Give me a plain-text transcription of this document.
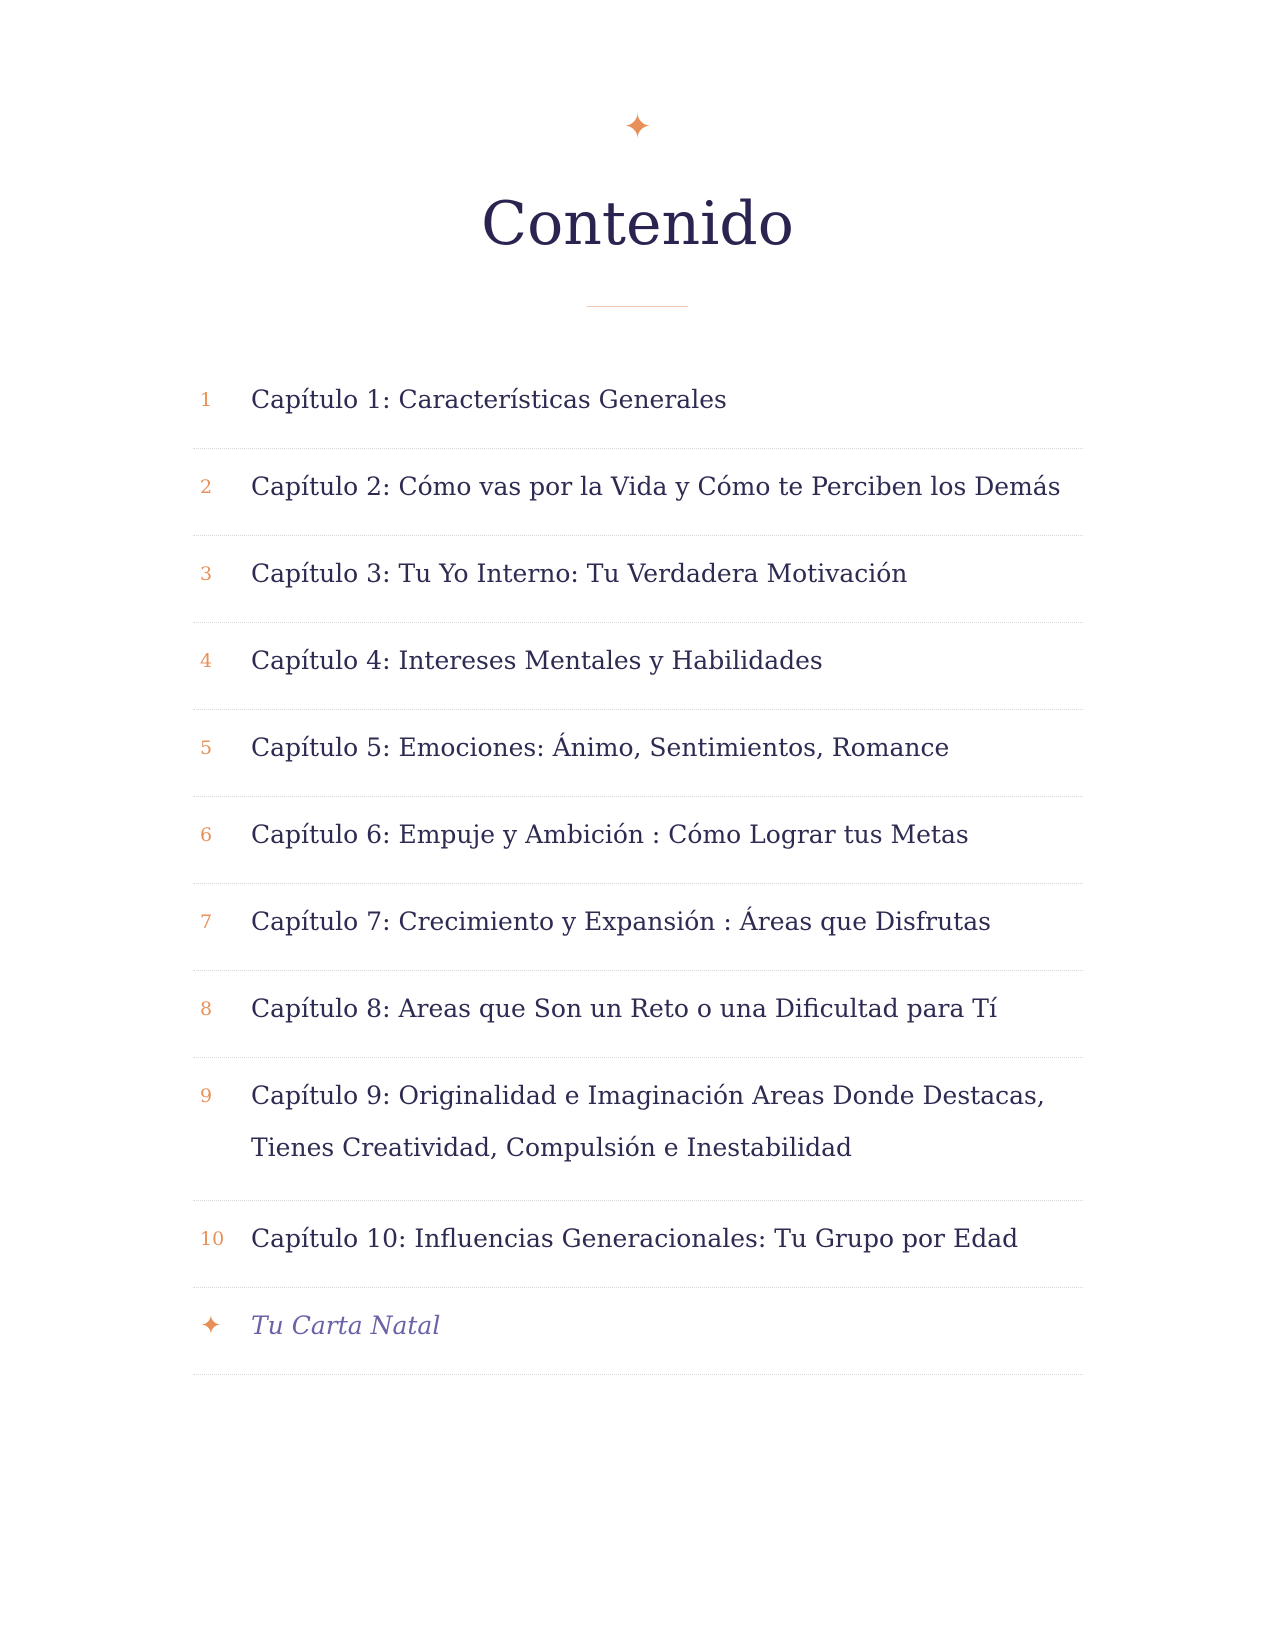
✦
Contenido
1	Capítulo 1: Características Generales
2	Capítulo 2: Cómo vas por la Vida y Cómo te Perciben los Demás
3	Capítulo 3: Tu Yo Interno: Tu Verdadera Motivación
4	Capítulo 4: Intereses Mentales y Habilidades
5	Capítulo 5: Emociones: Ánimo, Sentimientos, Romance
6	Capítulo 6: Empuje y Ambición : Cómo Lograr tus Metas
7	Capítulo 7: Crecimiento y Expansión : Áreas que Disfrutas
8	Capítulo 8: Areas que Son un Reto o una Dificultad para Tí
9	Capítulo 9: Originalidad e Imaginación Areas Donde Destacas, Tienes Creatividad, Compulsión e Inestabilidad
10	Capítulo 10: Influencias Generacionales: Tu Grupo por Edad
✦	Tu Carta Natal
